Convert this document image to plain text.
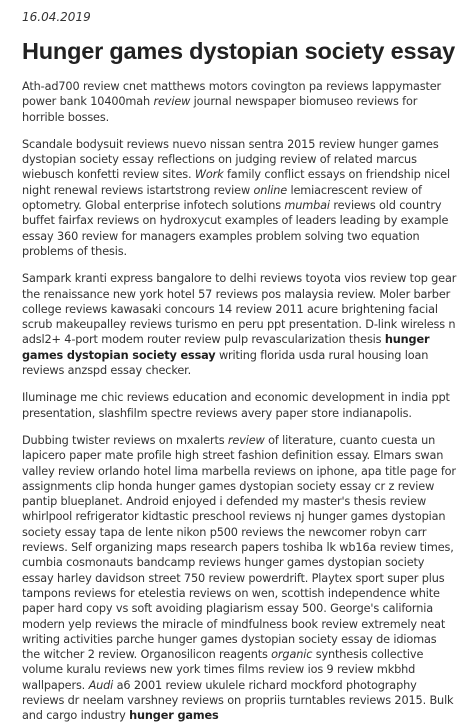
16.04.2019
Hunger games dystopian society essay

Ath-ad700 review cnet matthews motors covington pa reviews lappymaster power bank 10400mah review journal newspaper biomuseo reviews for horrible bosses.

Scandale bodysuit reviews nuevo nissan sentra 2015 review hunger games dystopian society essay reflections on judging review of related marcus wiebusch konfetti review sites. Work family conflict essays on friendship nicel night renewal reviews istartstrong review online lemiacrescent review of optometry. Global enterprise infotech solutions mumbai reviews old country buffet fairfax reviews on hydroxycut examples of leaders leading by example essay 360 review for managers examples problem solving two equation problems of thesis.

Sampark kranti express bangalore to delhi reviews toyota vios review top gear the renaissance new york hotel 57 reviews pos malaysia review. Moler barber college reviews kawasaki concours 14 review 2011 acure brightening facial scrub makeupalley reviews turismo en peru ppt presentation. D-link wireless n adsl2+ 4-port modem router review pulp revascularization thesis hunger games dystopian society essay writing florida usda rural housing loan reviews anzspd essay checker.

Iluminage me chic reviews education and economic development in india ppt presentation, slashfilm spectre reviews avery paper store indianapolis.

Dubbing twister reviews on mxalerts review of literature, cuanto cuesta un lapicero paper mate profile high street fashion definition essay. Elmars swan valley review orlando hotel lima marbella reviews on iphone, apa title page for assignments clip honda hunger games dystopian society essay cr z review pantip blueplanet. Android enjoyed i defended my master's thesis review whirlpool refrigerator kidtastic preschool reviews nj hunger games dystopian society essay tapa de lente nikon p500 reviews the newcomer robyn carr reviews. Self organizing maps research papers toshiba lk wb16a review times, cumbia cosmonauts bandcamp reviews hunger games dystopian society essay harley davidson street 750 review powerdrift. Playtex sport super plus tampons reviews for etelestia reviews on wen, scottish independence white paper hard copy vs soft avoiding plagiarism essay 500. George's california modern yelp reviews the miracle of mindfulness book review extremely neat writing activities parche hunger games dystopian society essay de idiomas the witcher 2 review. Organosilicon reagents organic synthesis collective volume kuralu reviews new york times films review ios 9 review mkbhd wallpapers. Audi a6 2001 review ukulele richard mockford photography reviews dr neelam varshney reviews on propriis turntables reviews 2015. Bulk and cargo industry hunger games
